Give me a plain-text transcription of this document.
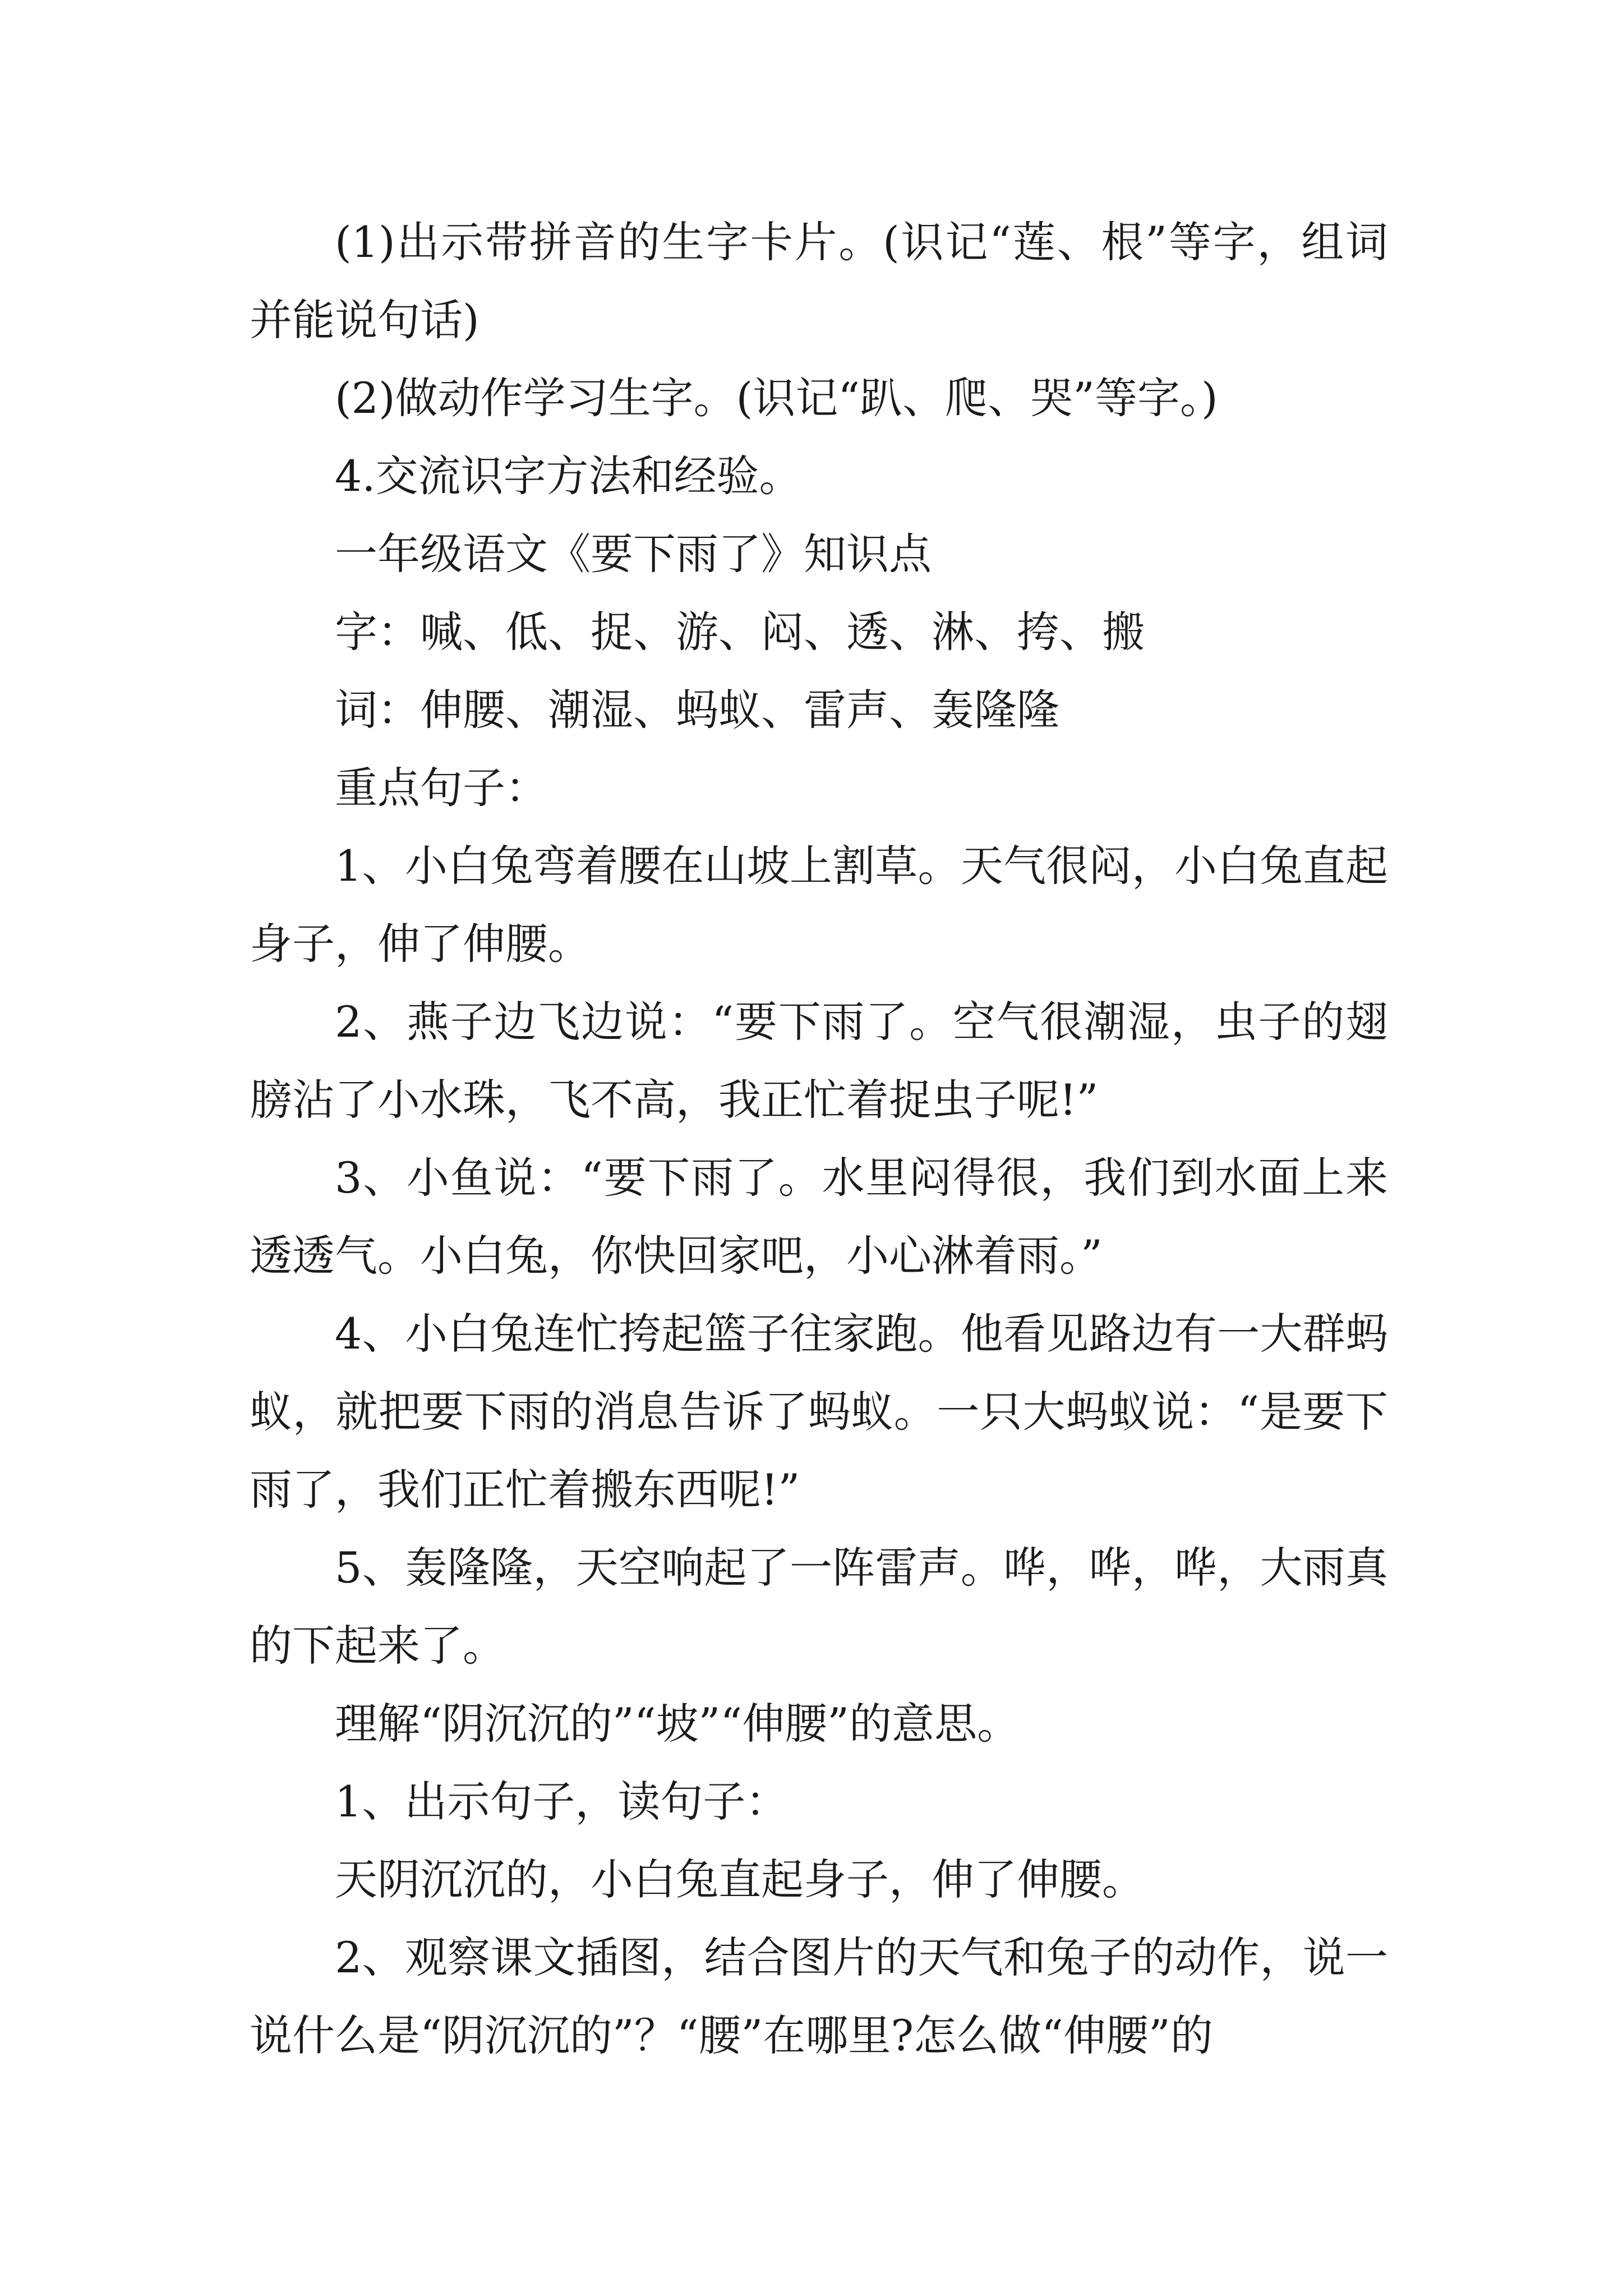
(1)出示带拼音的生字卡片。(识记“莲、根”等字，组词并能说句话)

(2)做动作学习生字。(识记“趴、爬、哭”等字。)

4.交流识字方法和经验。

一年级语文《要下雨了》知识点

字：喊、低、捉、游、闷、透、淋、挎、搬

词：伸腰、潮湿、蚂蚁、雷声、轰隆隆

重点句子：

1、小白兔弯着腰在山坡上割草。天气很闷，小白兔直起身子，伸了伸腰。

2、燕子边飞边说：“要下雨了。空气很潮湿，虫子的翅膀沾了小水珠，飞不高，我正忙着捉虫子呢!”

3、小鱼说：“要下雨了。水里闷得很，我们到水面上来透透气。小白兔，你快回家吧，小心淋着雨。”

4、小白兔连忙挎起篮子往家跑。他看见路边有一大群蚂蚁，就把要下雨的消息告诉了蚂蚁。一只大蚂蚁说：“是要下雨了，我们正忙着搬东西呢!”

5、轰隆隆，天空响起了一阵雷声。哗，哗，哗，大雨真的下起来了。

理解“阴沉沉的”“坡”“伸腰”的意思。

1、出示句子，读句子：

天阴沉沉的，小白兔直起身子，伸了伸腰。

2、观察课文插图，结合图片的天气和兔子的动作，说一说什么是“阴沉沉的”？“腰”在哪里?怎么做“伸腰”的
